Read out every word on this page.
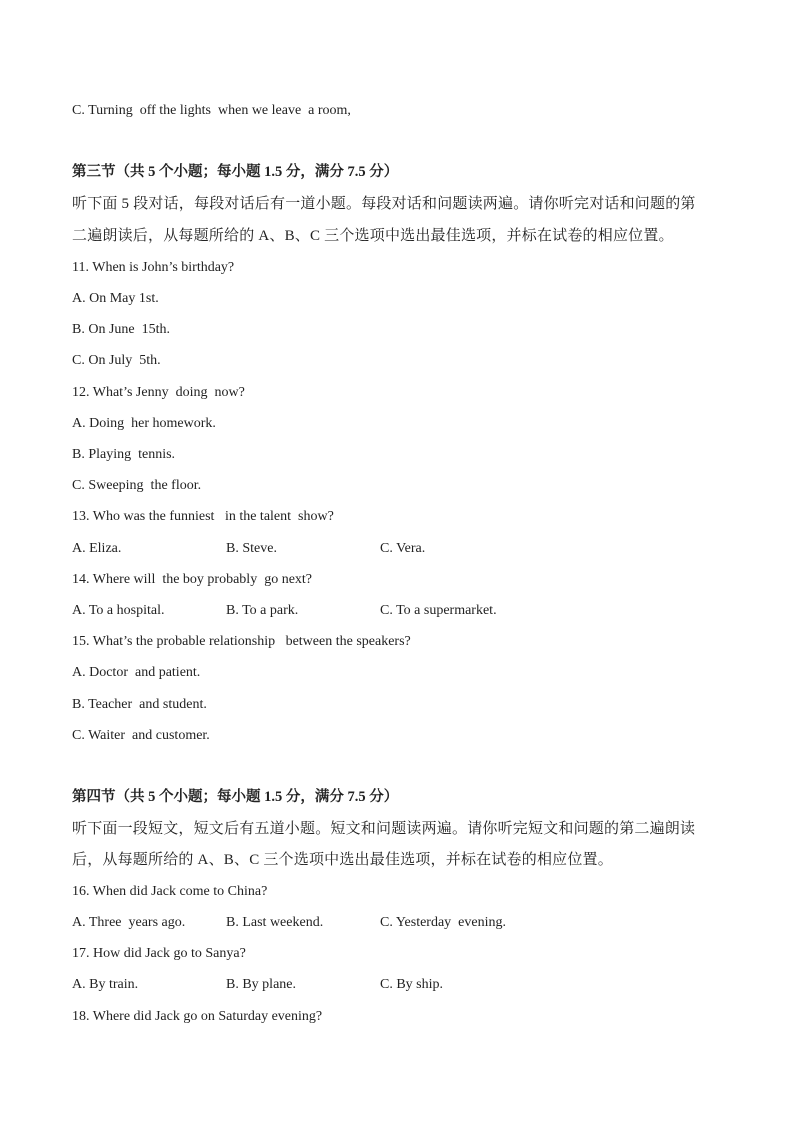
C. Turning  off the lights  when we leave  a room,
第三节（共 5 个小题；每小题 1.5 分，满分 7.5 分）
听下面 5 段对话，每段对话后有一道小题。每段对话和问题读两遍。请你听完对话和问题的第
二遍朗读后，从每题所给的 A、B、C 三个选项中选出最佳选项，并标在试卷的相应位置。
11. When is John’s birthday?
A. On May 1st.
B. On June  15th.
C. On July  5th.
12. What’s Jenny  doing  now?
A. Doing  her homework.
B. Playing  tennis.
C. Sweeping  the floor.
13. Who was the funniest   in the talent  show?
A. Eliza.	B. Steve.	C. Vera.
14. Where will  the boy probably  go next?
A. To a hospital.	B. To a park.	C. To a supermarket.
15. What’s the probable relationship   between the speakers?
A. Doctor  and patient.
B. Teacher  and student.
C. Waiter  and customer.
第四节（共 5 个小题；每小题 1.5 分，满分 7.5 分）
听下面一段短文，短文后有五道小题。短文和问题读两遍。请你听完短文和问题的第二遍朗读
后，从每题所给的 A、B、C 三个选项中选出最佳选项，并标在试卷的相应位置。
16. When did Jack come to China?
A. Three  years ago.	B. Last weekend.	C. Yesterday  evening.
17. How did Jack go to Sanya?
A. By train.	B. By plane.	C. By ship.
18. Where did Jack go on Saturday evening?
